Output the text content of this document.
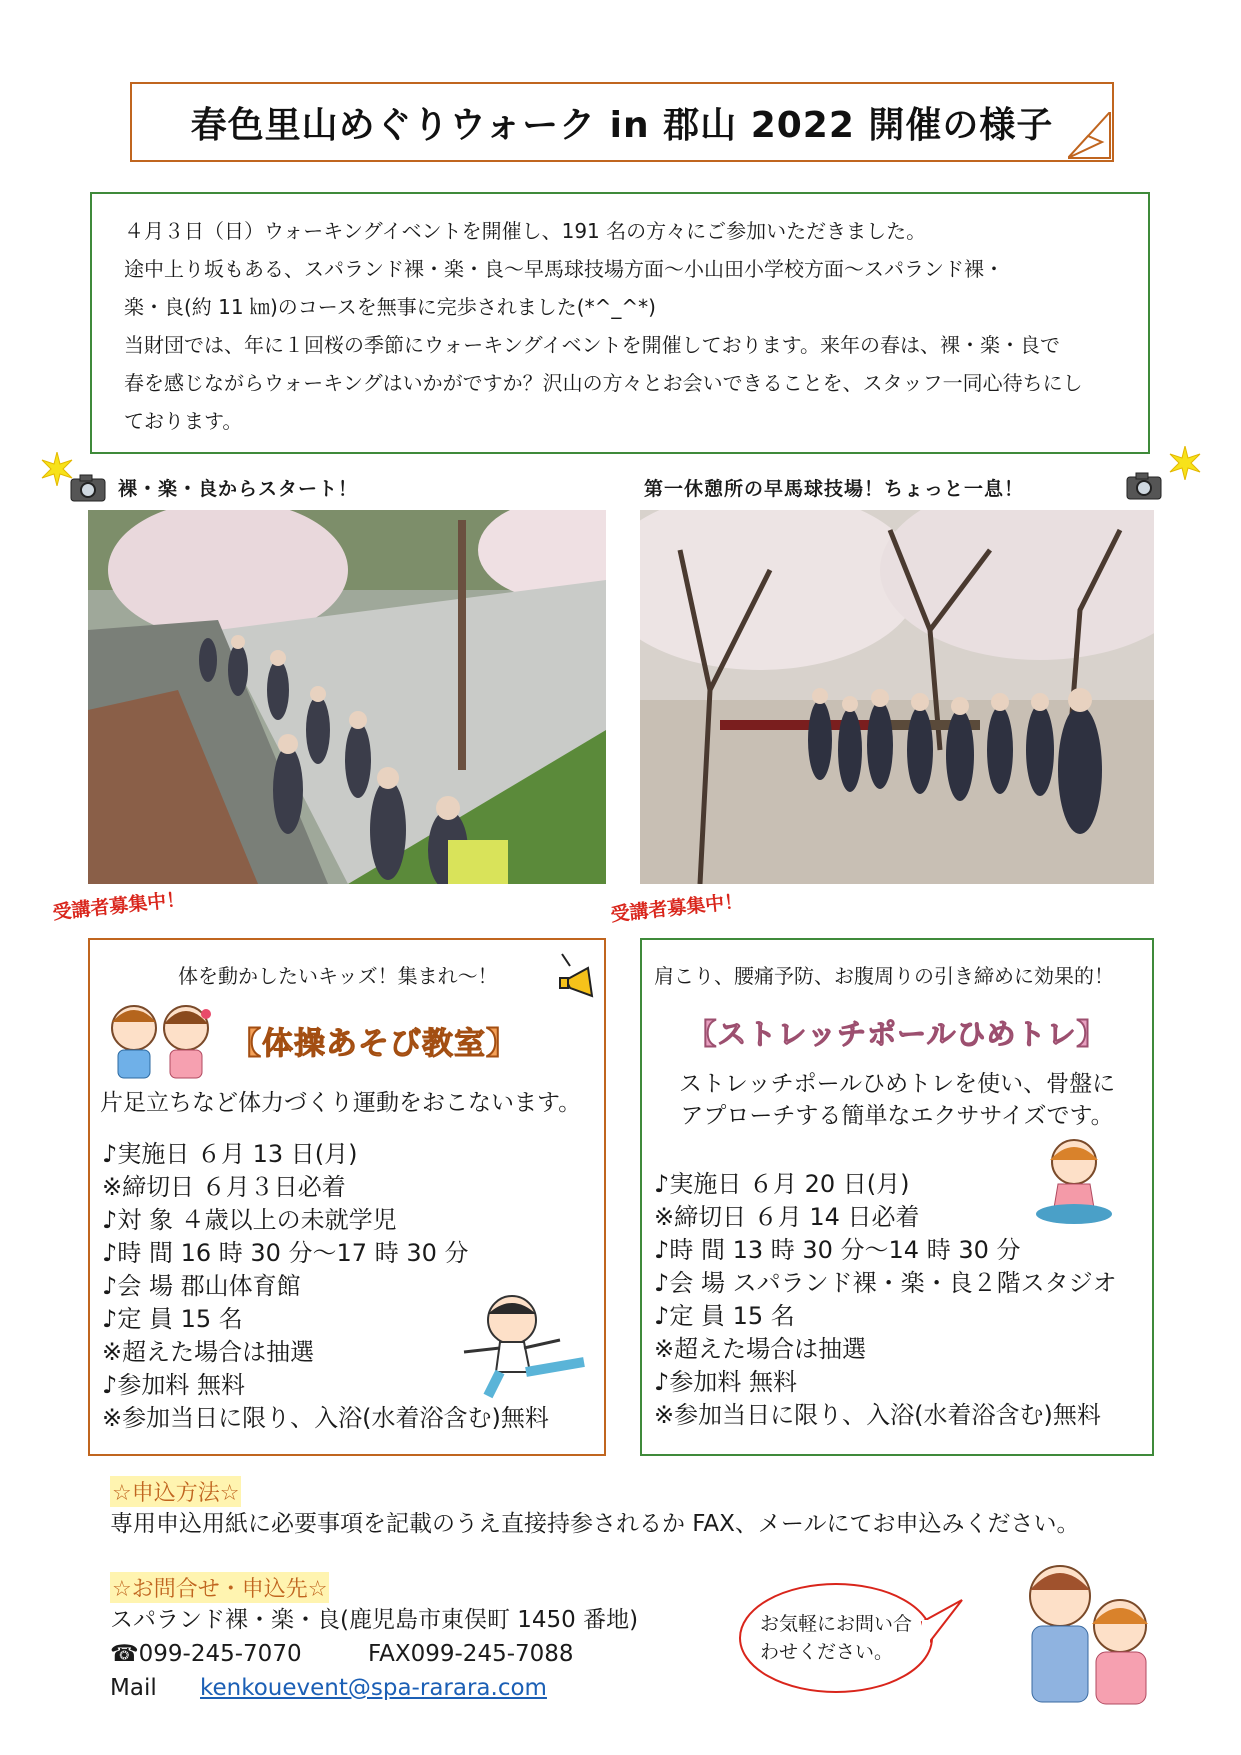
春色里山めぐりウォーク in 郡山 2022 開催の様子

４月３日（日）ウォーキングイベントを開催し、191 名の方々にご参加いただきました。

途中上り坂もある、スパランド裸・楽・良～早馬球技場方面～小山田小学校方面～スパランド裸・

楽・良(約 11 ㎞)のコースを無事に完歩されました(*^_^*)

当財団では、年に１回桜の季節にウォーキングイベントを開催しております。来年の春は、裸・楽・良で

春を感じながらウォーキングはいかがですか？沢山の方々とお会いできることを、スタッフ一同心待ちにし

ております。

裸・楽・良からスタート！	第一休憩所の早馬球技場！ちょっと一息！
受講者募集中！	受講者募集中！
体を動かしたいキッズ！集まれ～！
【体操あそび教室】
片足立ちなど体力づくり運動をおこないます。
♪実施日 ６月 13 日(月)
※締切日 ６月３日必着
♪対 象 ４歳以上の未就学児
♪時 間 16 時 30 分～17 時 30 分
♪会 場 郡山体育館
♪定 員 15 名
※超えた場合は抽選
♪参加料 無料
※参加当日に限り、入浴(水着浴含む)無料
肩こり、腰痛予防、お腹周りの引き締めに効果的！
【ストレッチポールひめトレ】
ストレッチポールひめトレを使い、骨盤に
アプローチする簡単なエクササイズです。
♪実施日 ６月 20 日(月)
※締切日 ６月 14 日必着
♪時 間 13 時 30 分～14 時 30 分
♪会 場 スパランド裸・楽・良２階スタジオ
♪定 員 15 名
※超えた場合は抽選
♪参加料 無料
※参加当日に限り、入浴(水着浴含む)無料
☆申込方法☆
専用申込用紙に必要事項を記載のうえ直接持参されるか FAX、メールにてお申込みください。
☆お問合せ・申込先☆
スパランド裸・楽・良(鹿児島市東俣町 1450 番地)
☎099-245-7070	FAX099-245-7088
Mail kenkouevent@spa-rarara.com
お気軽にお問い合
わせください。
